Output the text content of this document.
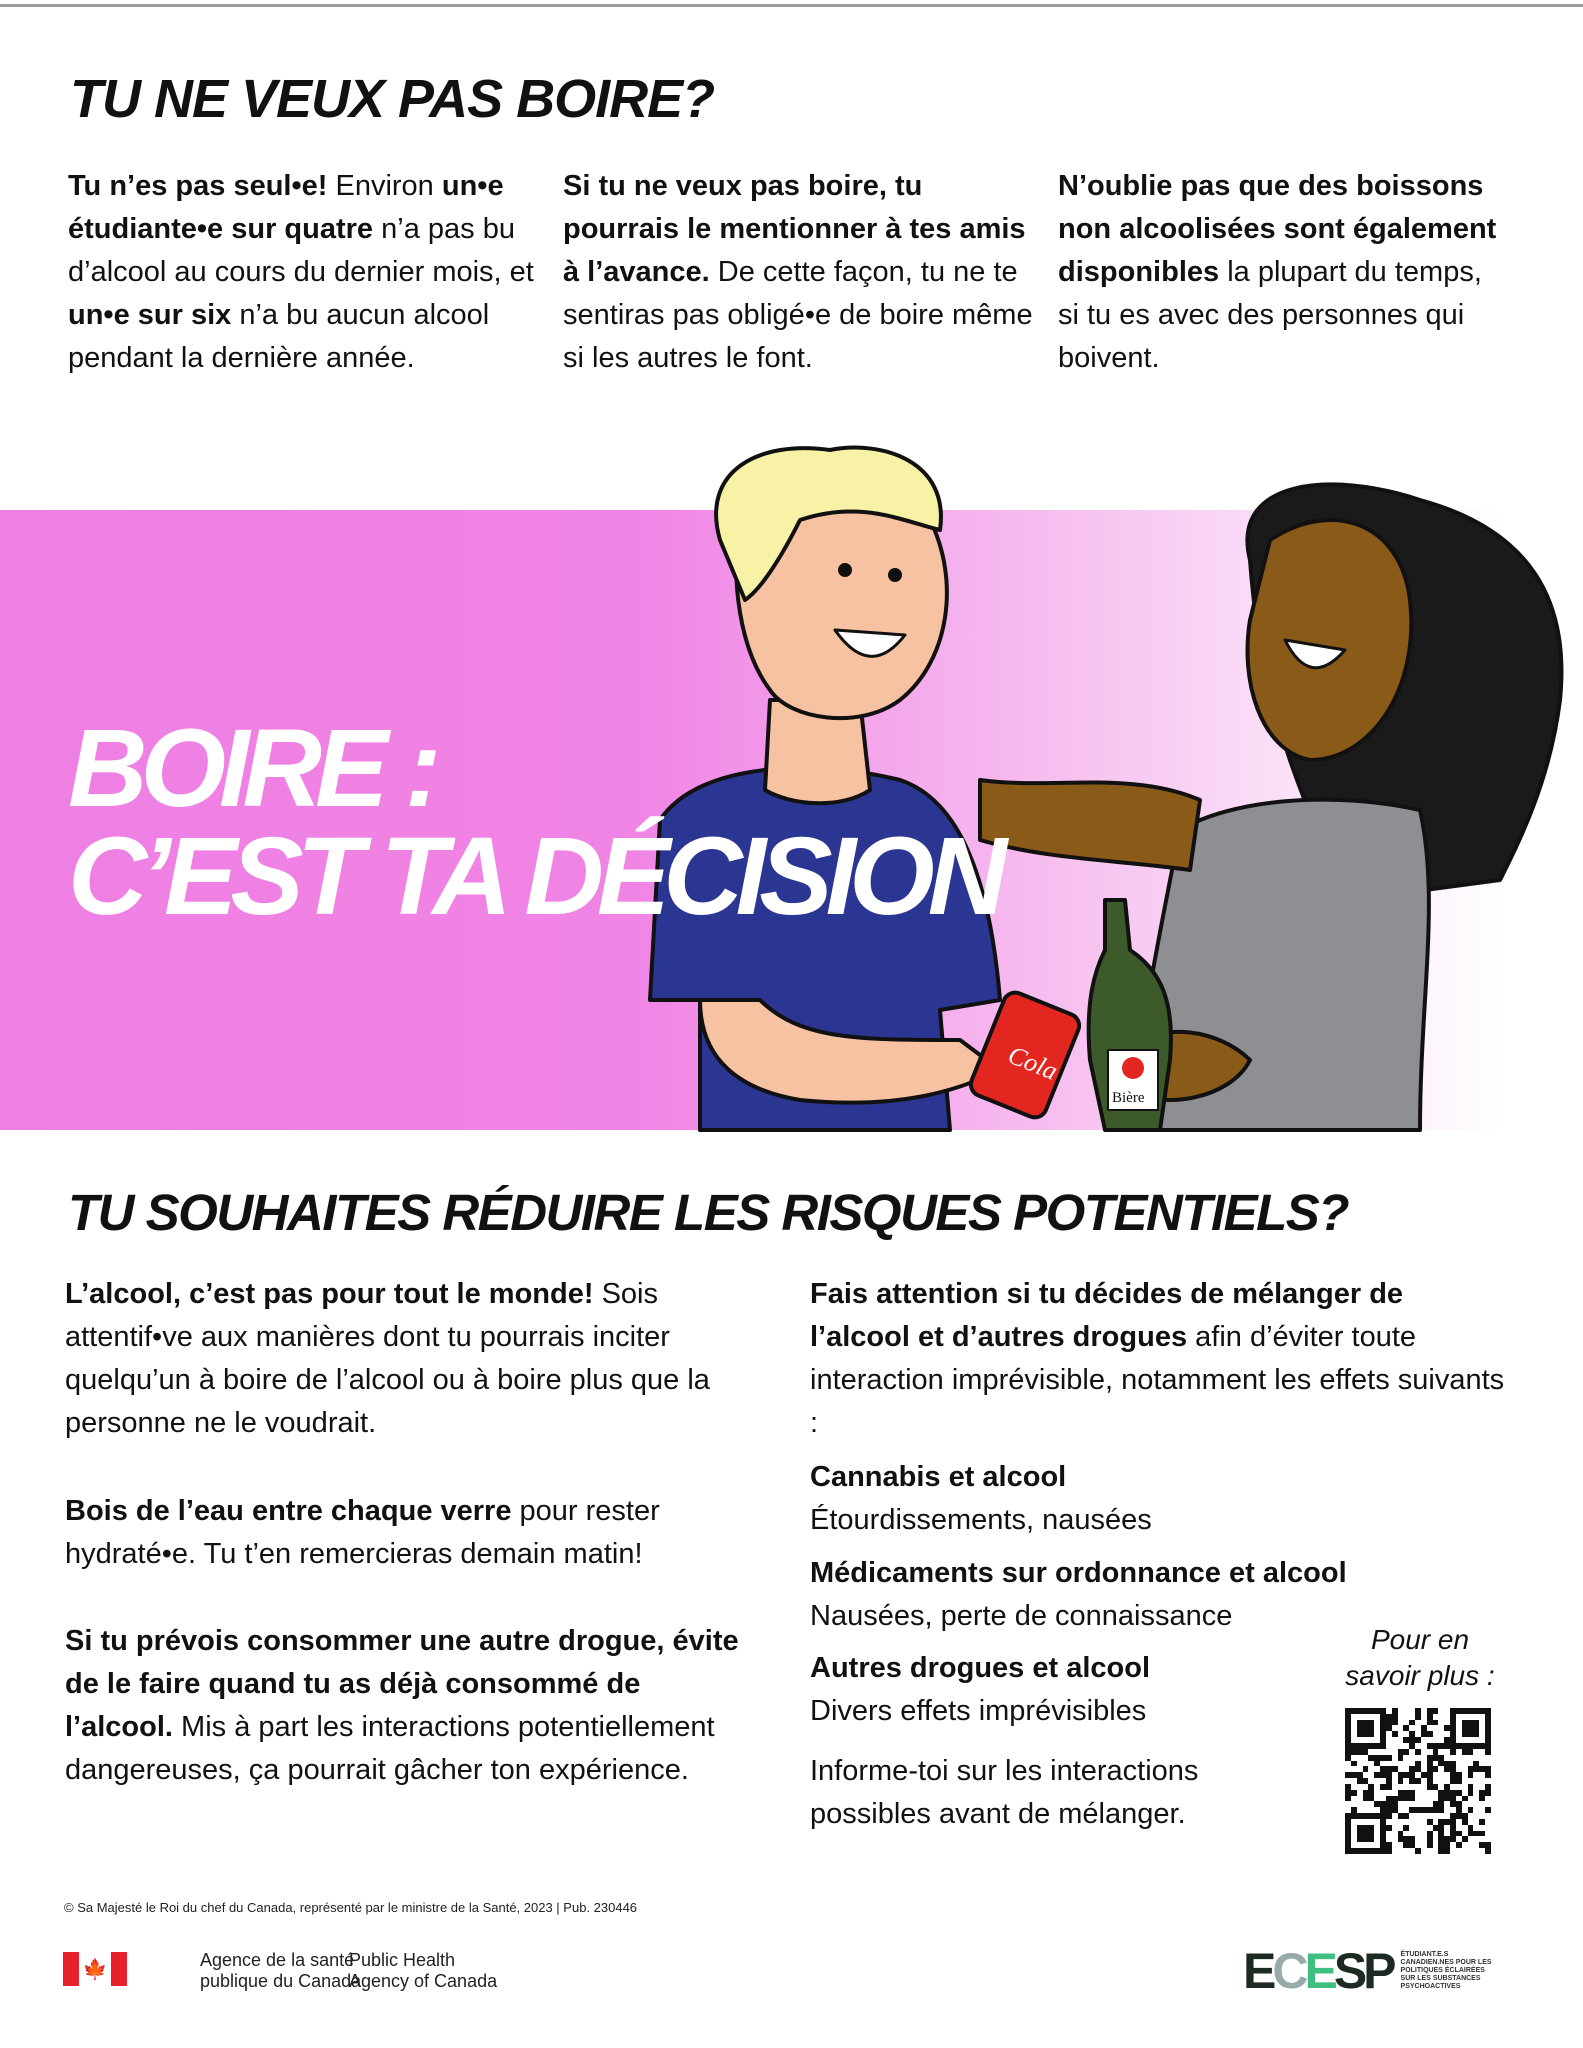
TU NE VEUX PAS BOIRE?
Tu n’es pas seul•e! Environ un•e étudiante•e sur quatre n’a pas bu d’alcool au cours du dernier mois, et un•e sur six n’a bu aucun alcool pendant la dernière année.
Si tu ne veux pas boire, tu pourrais le mentionner à tes amis à l’avance. De cette façon, tu ne te sentiras pas obligé•e de boire même si les autres le font.
N’oublie pas que des boissons non alcoolisées sont également disponibles la plupart du temps, si tu es avec des personnes qui boivent.
Cola
Bière
BOIRE :
C’EST TA DÉCISION
TU SOUHAITES RÉDUIRE LES RISQUES POTENTIELS?
L’alcool, c’est pas pour tout le monde! Sois attentif•ve aux manières dont tu pourrais inciter quelqu’un à boire de l’alcool ou à boire plus que la personne ne le voudrait.
Bois de l’eau entre chaque verre pour rester hydraté•e. Tu t’en remercieras demain matin!
Si tu prévois consommer une autre drogue, évite de le faire quand tu as déjà consommé de l’alcool. Mis à part les interactions potentiellement dangereuses, ça pourrait gâcher ton expérience.
Fais attention si tu décides de mélanger de l’alcool et d’autres drogues afin d’éviter toute interaction imprévisible, notamment les effets suivants :
Cannabis et alcool
Étourdissements, nausées
Médicaments sur ordonnance et alcool
Nausées, perte de connaissance
Autres drogues et alcool
Divers effets imprévisibles
Informe-toi sur les interactions possibles avant de mélanger.
Pour en savoir plus :
© Sa Majesté le Roi du chef du Canada, représenté par le ministre de la Santé, 2023 | Pub. 230446
🍁	Agence de la santé
publique du Canada
Public Health
Agency of Canada	ECESP ÉTUDIANT.E.S CANADIEN.NES POUR LES POLITIQUES ÉCLAIRÉES SUR LES SUBSTANCES PSYCHOACTIVES
